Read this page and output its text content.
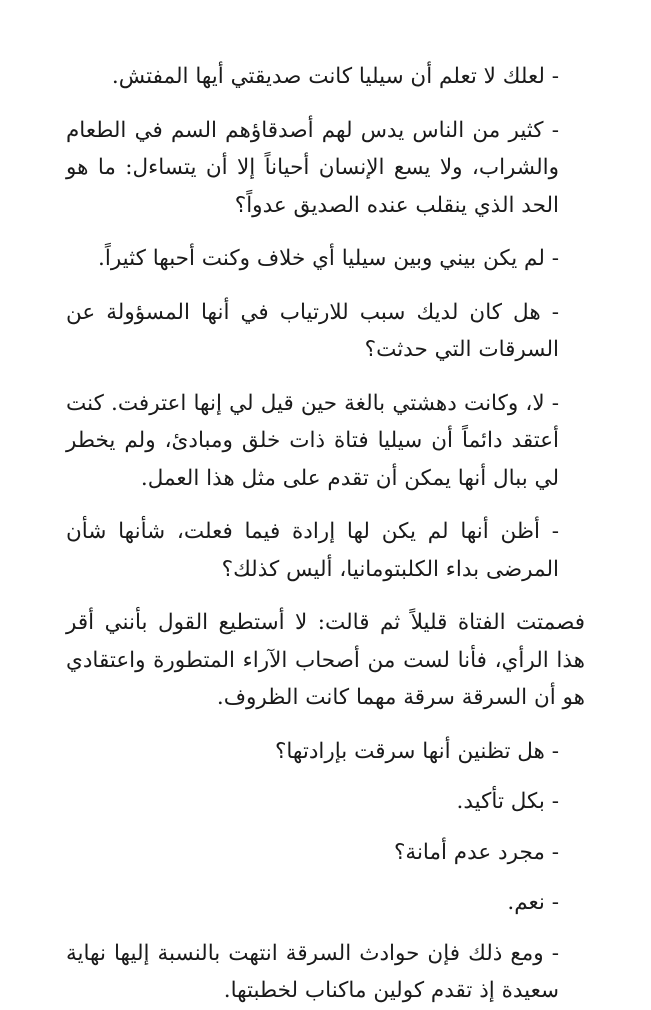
- لعلك لا تعلم أن سيليا كانت صديقتي أيها المفتش.

- كثير من الناس يدس لهم أصدقاؤهم السم في الطعام والشراب، ولا يسع الإنسان أحياناً إلا أن يتساءل: ما هو الحد الذي ينقلب عنده الصديق عدواً؟

- لم يكن بيني وبين سيليا أي خلاف وكنت أحبها كثيراً.

- هل كان لديك سبب للارتياب في أنها المسؤولة عن السرقات التي حدثت؟

- لا، وكانت دهشتي بالغة حين قيل لي إنها اعترفت. كنت أعتقد دائماً أن سيليا فتاة ذات خلق ومبادئ، ولم يخطر لي ببال أنها يمكن أن تقدم على مثل هذا العمل.

- أظن أنها لم يكن لها إرادة فيما فعلت، شأنها شأن المرضى بداء الكلبتومانيا، أليس كذلك؟

فصمتت الفتاة قليلاً ثم قالت: لا أستطيع القول بأنني أقر هذا الرأي، فأنا لست من أصحاب الآراء المتطورة واعتقادي هو أن السرقة سرقة مهما كانت الظروف.

- هل تظنين أنها سرقت بإرادتها؟

- بكل تأكيد.

- مجرد عدم أمانة؟

- نعم.

- ومع ذلك فإن حوادث السرقة انتهت بالنسبة إليها نهاية سعيدة إذ تقدم كولين ماكناب لخطبتها.
